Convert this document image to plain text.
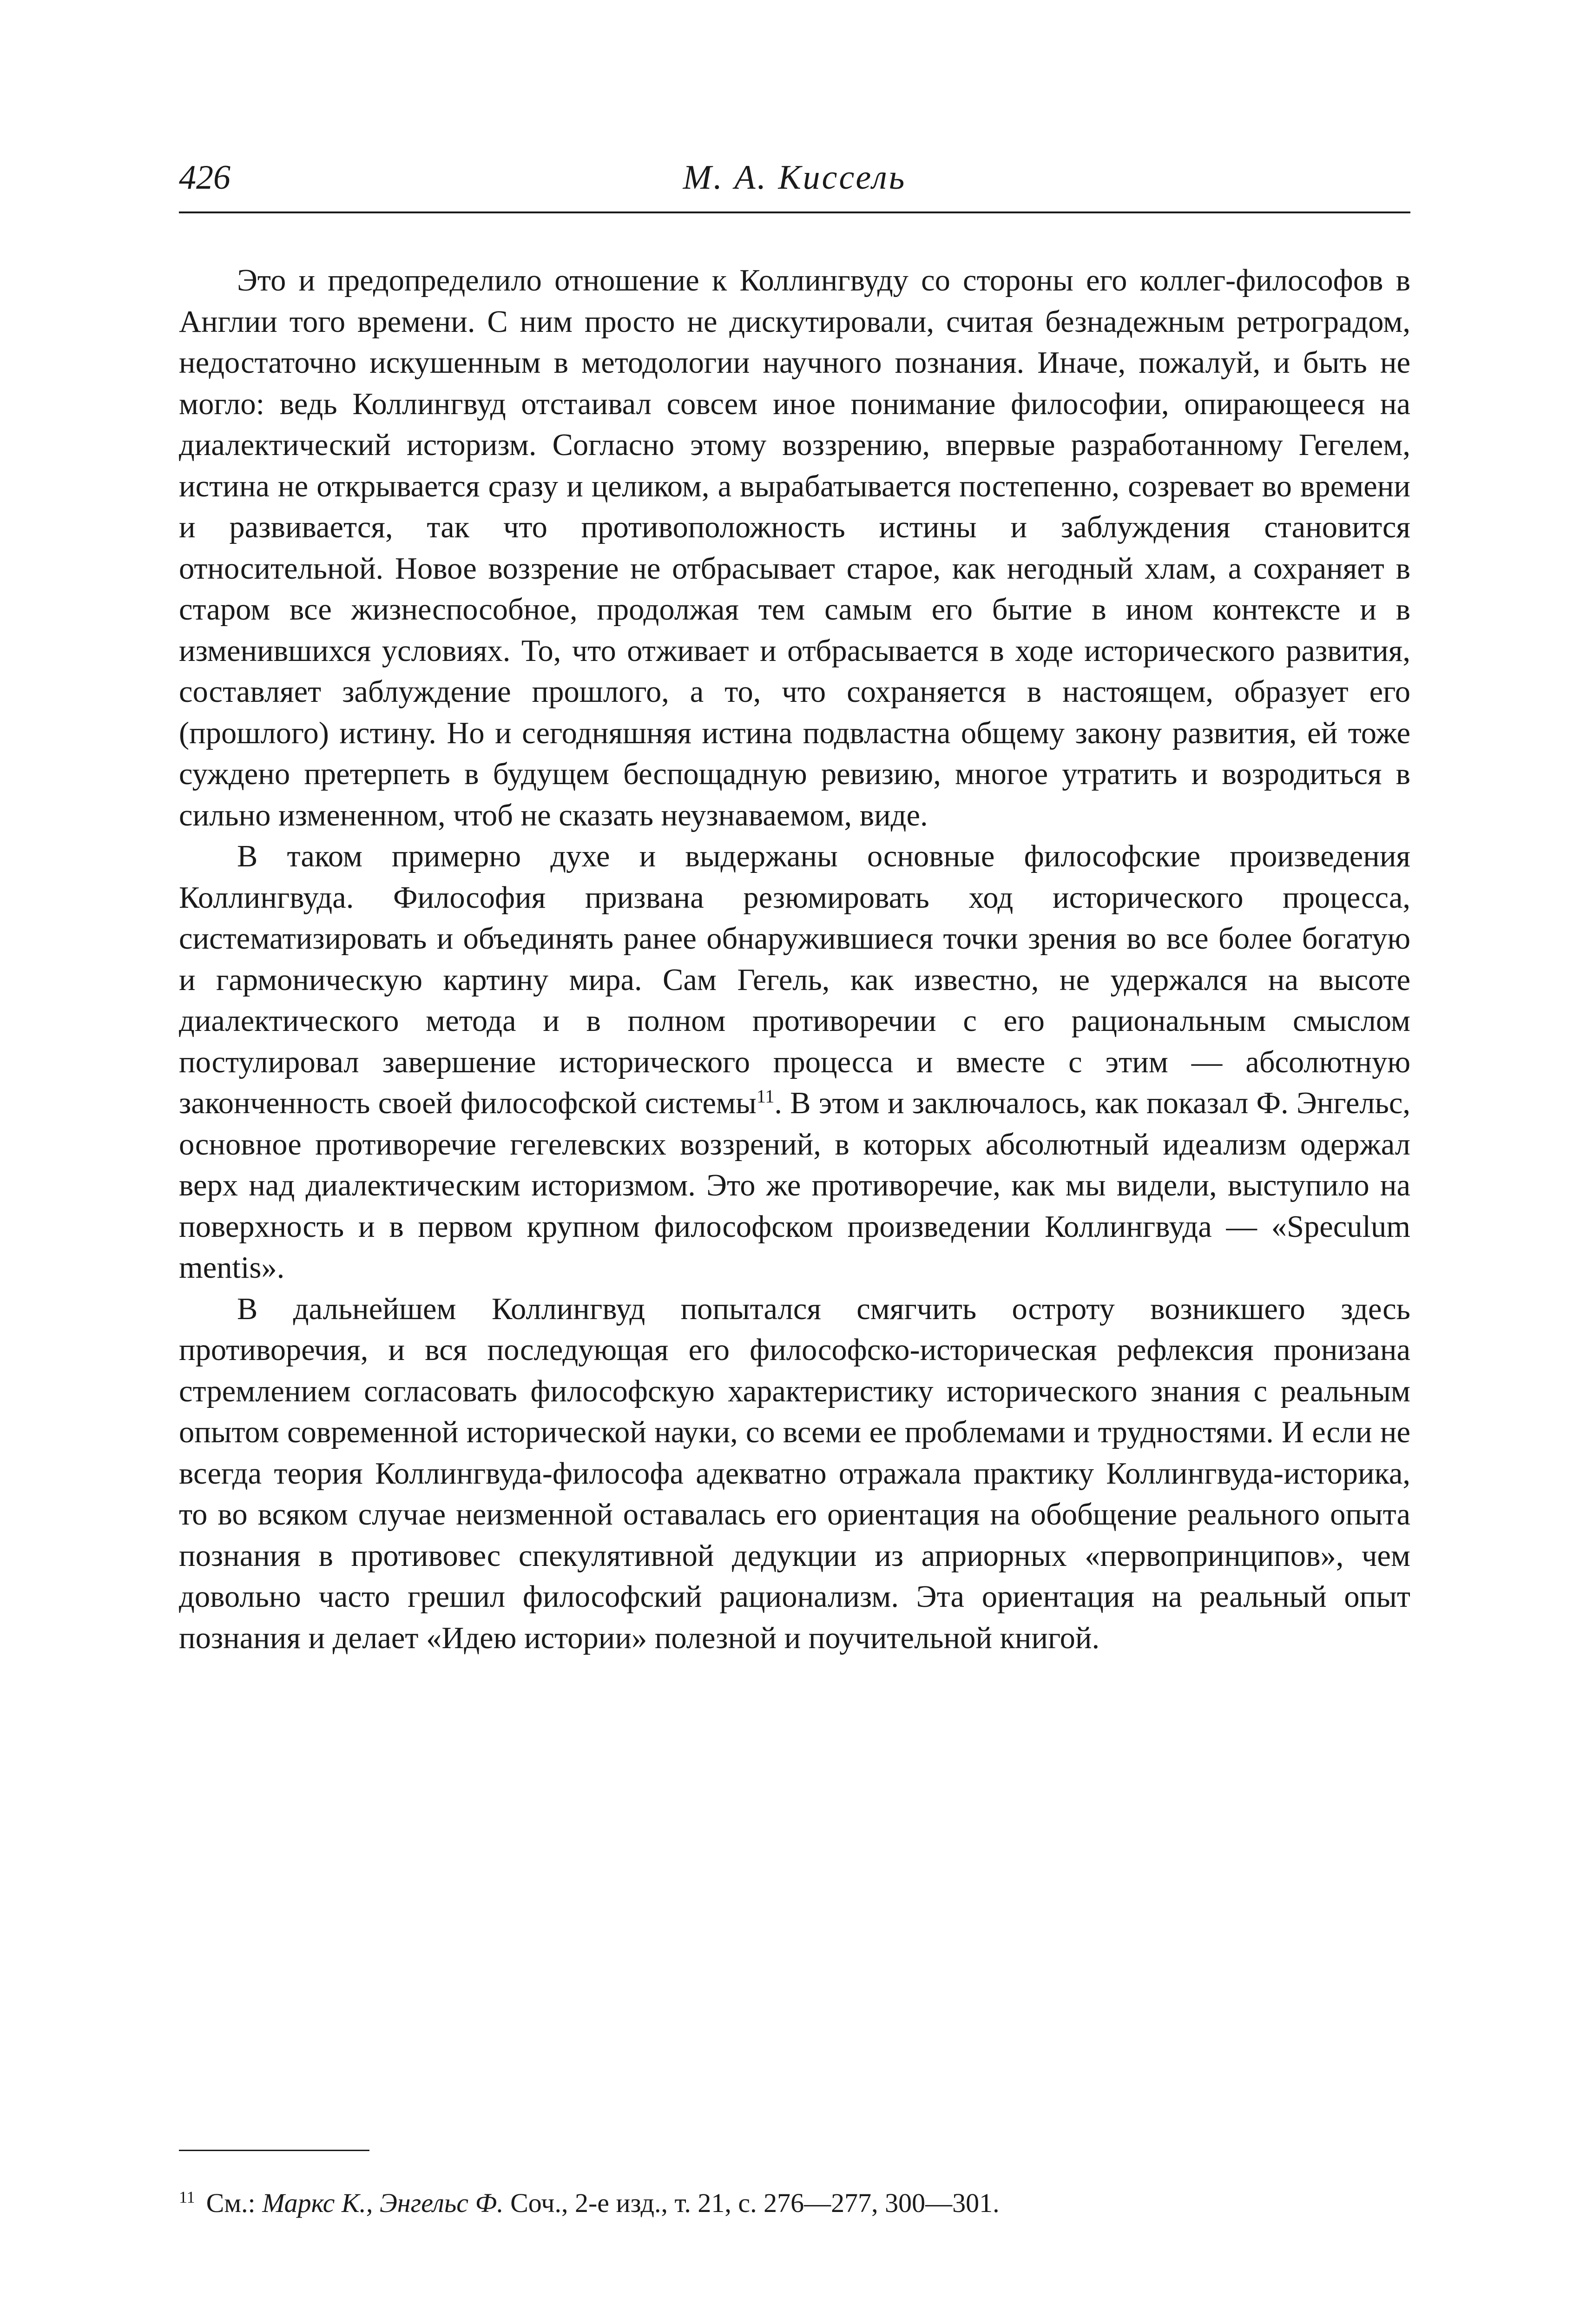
426	М. А. Киссель

Это и предопределило отношение к Коллингвуду со стороны его коллег-философов в Англии того времени. С ним просто не дискутировали, считая безнадежным ретроградом, недостаточно искушенным в методологии научного познания. Иначе, пожалуй, и быть не могло: ведь Коллингвуд отстаивал совсем иное понимание философии, опирающееся на диалектический историзм. Согласно этому воззрению, впервые разработанному Гегелем, истина не открывается сразу и целиком, а вырабатывается постепенно, созревает во времени и развивается, так что противоположность истины и заблуждения становится относительной. Новое воззрение не отбрасывает старое, как негодный хлам, а сохраняет в старом все жизнеспособное, продолжая тем самым его бытие в ином контексте и в изменившихся условиях. То, что отживает и отбрасывается в ходе исторического развития, составляет заблуждение прошлого, а то, что сохраняется в настоящем, образует его (прошлого) истину. Но и сегодняшняя истина подвластна общему закону развития, ей тоже суждено претерпеть в будущем беспощадную ревизию, многое утратить и возродиться в сильно измененном, чтоб не сказать неузнаваемом, виде.

В таком примерно духе и выдержаны основные философские произведения Коллингвуда. Философия призвана резюмировать ход исторического процесса, систематизировать и объединять ранее обнаружившиеся точки зрения во все более богатую и гармоническую картину мира. Сам Гегель, как известно, не удержался на высоте диалектического метода и в полном противоречии с его рациональным смыслом постулировал завершение исторического процесса и вместе с этим — абсолютную законченность своей философской системы$^{11}$. В этом и заключалось, как показал Ф. Энгельс, основное противоречие гегелевских воззрений, в которых абсолютный идеализм одержал верх над диалектическим историзмом. Это же противоречие, как мы видели, выступило на поверхность и в первом крупном философском произведении Коллингвуда — «Speculum mentis».

В дальнейшем Коллингвуд попытался смягчить остроту возникшего здесь противоречия, и вся последующая его философско-историческая рефлексия пронизана стремлением согласовать философскую характеристику исторического знания с реальным опытом современной исторической науки, со всеми ее проблемами и трудностями. И если не всегда теория Коллингвуда-философа адекватно отражала практику Коллингвуда-историка, то во всяком случае неизменной оставалась его ориентация на обобщение реального опыта познания в противовес спекулятивной дедукции из априорных «первопринципов», чем довольно часто грешил философский рационализм. Эта ориентация на реальный опыт познания и делает «Идею истории» полезной и поучительной книгой.

$^{11}$ См.: Маркс К., Энгельс Ф. Соч., 2-е изд., т. 21, с. 276—277, 300—301.
